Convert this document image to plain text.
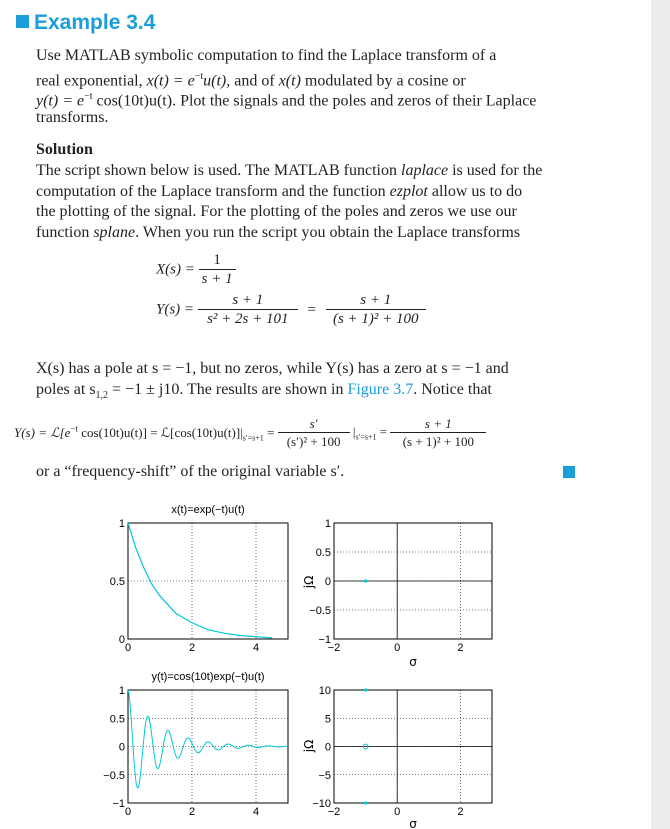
Example 3.4

Use MATLAB symbolic computation to find the Laplace transform of a
real exponential, $x(t) = e^{-t}u(t)$, and of x(t) modulated by a cosine or
$y(t) = e^{-t}$ cos(10t)u(t). Plot the signals and the poles and zeros of their Laplace
transforms.

Solution

The script shown below is used. The MATLAB function laplace is used for the
computation of the Laplace transform and the function ezplot allow us to do
the plotting of the signal. For the plotting of the poles and zeros we use our
function splane. When you run the script you obtain the Laplace transforms

$X(s) = \frac{1}{s + 1}$
$Y(s) = \frac{s + 1}{\text{s² + 2s + 101}} = \frac{s + 1}{\text{(s + 1)² + 100}}$

X(s) has a pole at s = −1, but no zeros, while Y(s) has a zero at s = −1 and
poles at $s_{1,2} = -1 \pm j10$. The results are shown in Figure 3.7. Notice that

$Y(s) = ℒ[e^{-t}$ $\cos(10t)u(t)] = ℒ[\cos(10t)u(t)]|_{s'=s+1} = \frac{s'}{\text{(s′)² + 100}} |_{s'=s+1} = \frac{s + 1}{\text{(s + 1)² + 100}}$
or a “frequency-shift” of the original variable s′.
x(t)=exp(−t)u(t)
0	2	4
0
0.5
1
−2	0	2
1
0.5
0
−0.5
−1
σ
jΩ
y(t)=cos(10t)exp(−t)u(t)
0	2	4
1
0.5
0
−0.5
−1
−2	0	2
10
5
0
−5
−10
σ
jΩ
